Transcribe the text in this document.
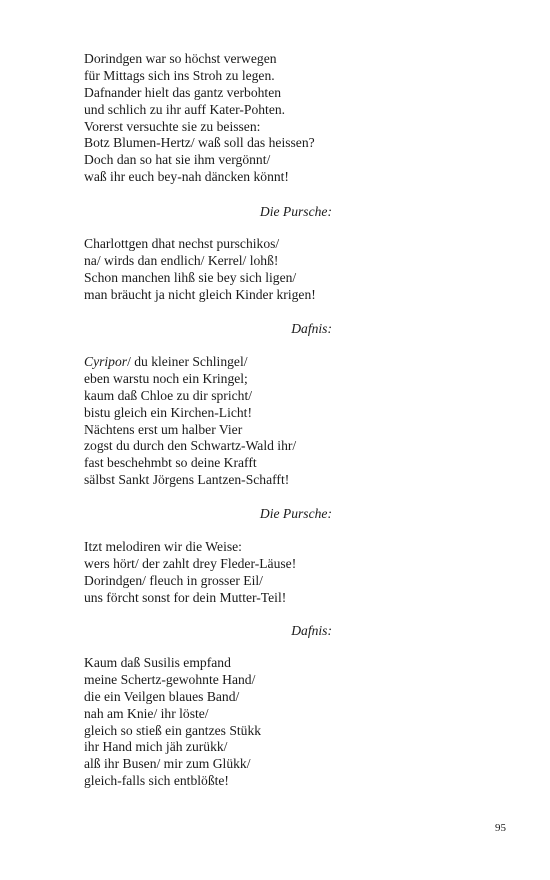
Dorindgen war so höchst verwegen
für Mittags sich ins Stroh zu legen.
Dafnander hielt das gantz verbohten
und schlich zu ihr auff Kater-Pohten.
Vorerst versuchte sie zu beissen:
Botz Blumen-Hertz/ waß soll das heissen?
Doch dan so hat sie ihm vergönnt/
waß ihr euch bey-nah däncken könnt!
Die Pursche:
Charlottgen dhat nechst purschikos/
na/ wirds dan endlich/ Kerrel/ lohß!
Schon manchen lihß sie bey sich ligen/
man bräucht ja nicht gleich Kinder krigen!
Dafnis:
Cyripor/ du kleiner Schlingel/
eben warstu noch ein Kringel;
kaum daß Chloe zu dir spricht/
bistu gleich ein Kirchen-Licht!
Nächtens erst um halber Vier
zogst du durch den Schwartz-Wald ihr/
fast beschehmbt so deine Krafft
sälbst Sankt Jörgens Lantzen-Schafft!
Die Pursche:
Itzt melodiren wir die Weise:
wers hört/ der zahlt drey Fleder-Läuse!
Dorindgen/ fleuch in grosser Eil/
uns förcht sonst for dein Mutter-Teil!
Dafnis:
Kaum daß Susilis empfand
meine Schertz-gewohnte Hand/
die ein Veilgen blaues Band/
nah am Knie/ ihr löste/
gleich so stieß ein gantzes Stükk
ihr Hand mich jäh zurükk/
alß ihr Busen/ mir zum Glükk/
gleich-falls sich entblößte!
95
